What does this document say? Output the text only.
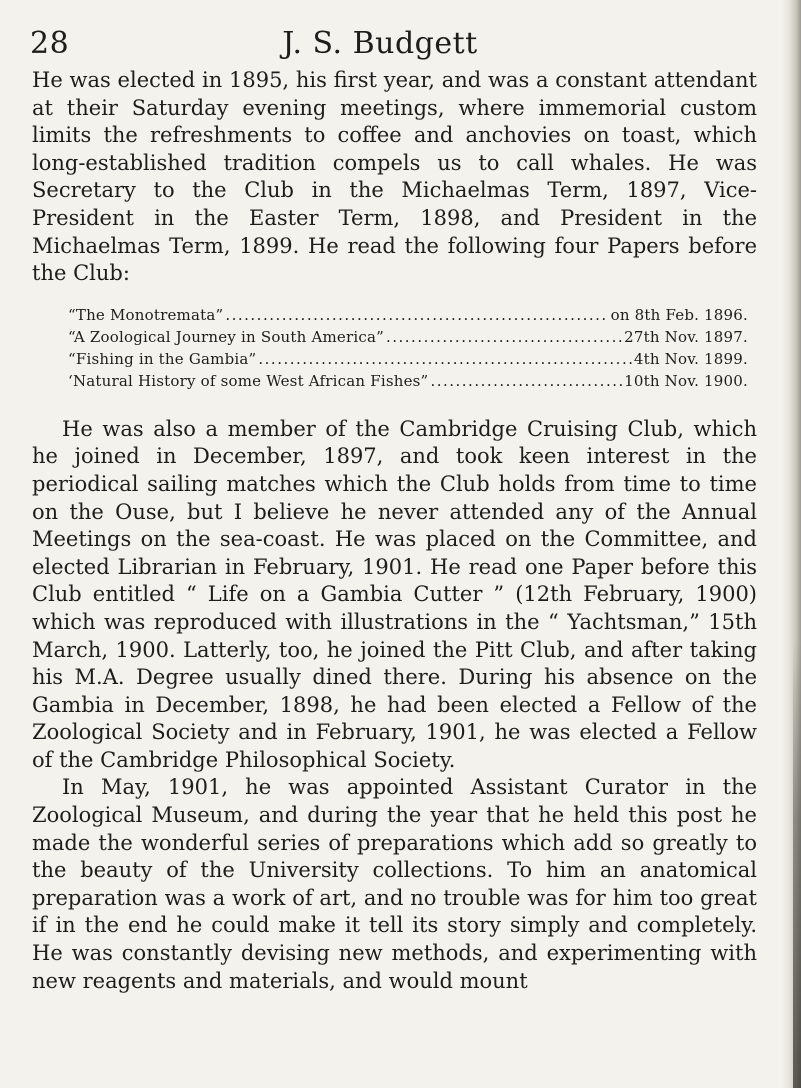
28	J. S. Budgett

He was elected in 1895, his first year, and was a constant attendant at their Saturday evening meetings, where immemorial custom limits the refreshments to coffee and anchovies on toast, which long-established tradition compels us to call whales. He was Secretary to the Club in the Michaelmas Term, 1897, Vice-President in the Easter Term, 1898, and President in the Michaelmas Term, 1899. He read the following four Papers before the Club:

“The Monotremata” .....	on 8th Feb. 1896.
“A Zoological Journey in South America” .....	27th Nov. 1897.
“Fishing in the Gambia” .....	4th Nov. 1899.
‘Natural History of some West African Fishes” .....	10th Nov. 1900.

He was also a member of the Cambridge Cruising Club, which he joined in December, 1897, and took keen interest in the periodical sailing matches which the Club holds from time to time on the Ouse, but I believe he never attended any of the Annual Meetings on the sea-coast. He was placed on the Committee, and elected Librarian in February, 1901. He read one Paper before this Club entitled “ Life on a Gambia Cutter ” (12th February, 1900) which was reproduced with illustrations in the “ Yachtsman,” 15th March, 1900. Latterly, too, he joined the Pitt Club, and after taking his M.A. Degree usually dined there. During his absence on the Gambia in December, 1898, he had been elected a Fellow of the Zoological Society and in February, 1901, he was elected a Fellow of the Cambridge Philosophical Society.

In May, 1901, he was appointed Assistant Curator in the Zoological Museum, and during the year that he held this post he made the wonderful series of preparations which add so greatly to the beauty of the University collections. To him an anatomical preparation was a work of art, and no trouble was for him too great if in the end he could make it tell its story simply and completely. He was constantly devising new methods, and experimenting with new reagents and materials, and would mount
